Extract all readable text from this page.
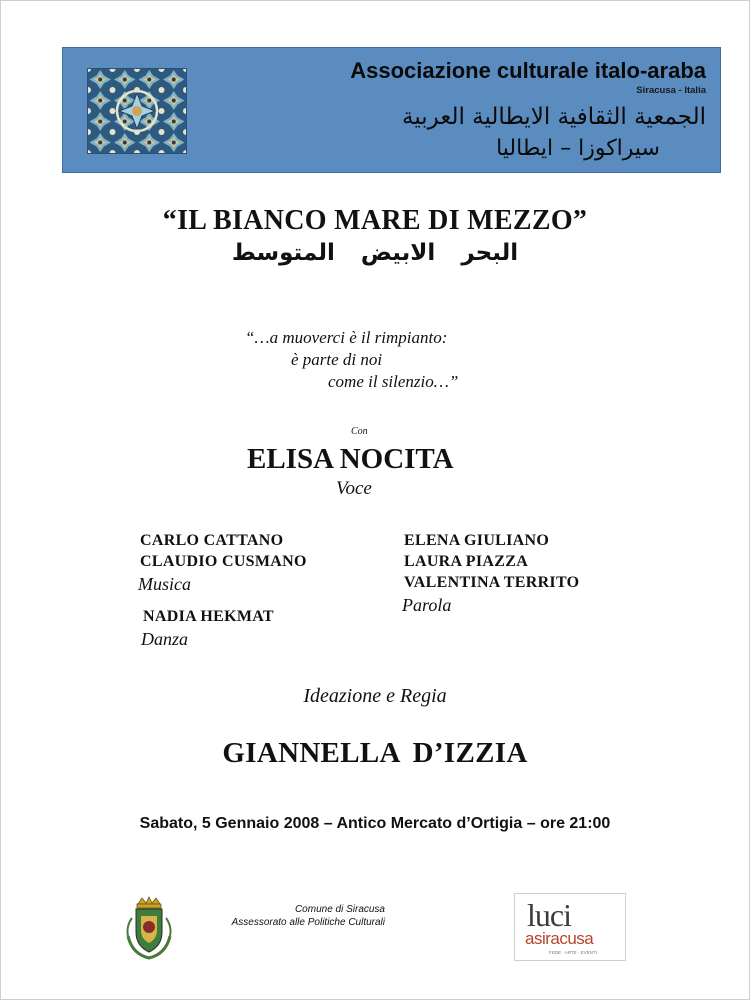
Associazione culturale italo-araba
Siracusa - Italia
الجمعية الثقافية الايطالية العربية
سيراكوزا – ايطاليا
“IL BIANCO MARE DI MEZZO”
البحر الابيض المتوسط
“…a muoverci è il rimpianto:
è parte di noi
come il silenzio…”
Con
ELISA NOCITA
Voce
CARLO CATTANO
CLAUDIO CUSMANO
Musica
NADIA HEKMAT
Danza
ELENA GIULIANO
LAURA PIAZZA
VALENTINA TERRITO
Parola
Ideazione e Regia
GIANNELLA D’IZZIA
Sabato, 5 Gennaio 2008 – Antico Mercato d’Ortigia – ore 21:00
Comune di Siracusa
Assessorato alle Politiche Culturali	luci
asiracusa
FEDE · ARTE · EVENTI
